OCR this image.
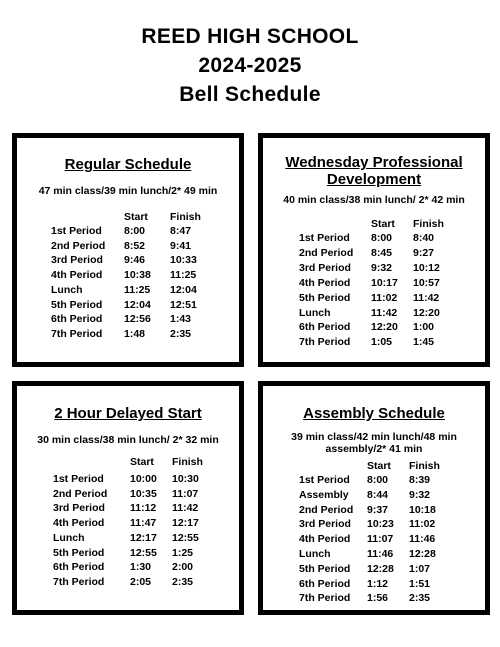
REED HIGH SCHOOL
2024-2025
Bell Schedule
Regular Schedule
47 min class/39 min lunch/2* 49 min
Start Finish
1st Period 8:00 8:47
2nd Period 8:52 9:41
3rd Period 9:46 10:33
4th Period 10:38 11:25
Lunch	11:25 12:04
5th Period 12:04 12:51
6th Period 12:56 1:43
7th Period 1:48 2:35
Wednesday Professional Development
40 min class/38 min lunch/ 2* 42 min
Start Finish
1st Period 8:00 8:40
2nd Period 8:45 9:27
3rd Period 9:32 10:12
4th Period 10:17 10:57
5th Period 11:02 11:42
Lunch	11:42 12:20
6th Period 12:20 1:00
7th Period 1:05 1:45
2 Hour Delayed Start
30 min class/38 min lunch/ 2* 32 min
Start Finish
1st Period 10:00 10:30
2nd Period 10:35 11:07
3rd Period 11:12 11:42
4th Period 11:47 12:17
Lunch	12:17 12:55
5th Period 12:55 1:25
6th Period 1:30 2:00
7th Period 2:05 2:35
Assembly Schedule
39 min class/42 min lunch/48 min assembly/2* 41 min
Start Finish
1st Period 8:00 8:39
Assembly 8:44 9:32
2nd Period 9:37 10:18
3rd Period 10:23 11:02
4th Period 11:07 11:46
Lunch	11:46 12:28
5th Period 12:28 1:07
6th Period 1:12 1:51
7th Period 1:56 2:35
